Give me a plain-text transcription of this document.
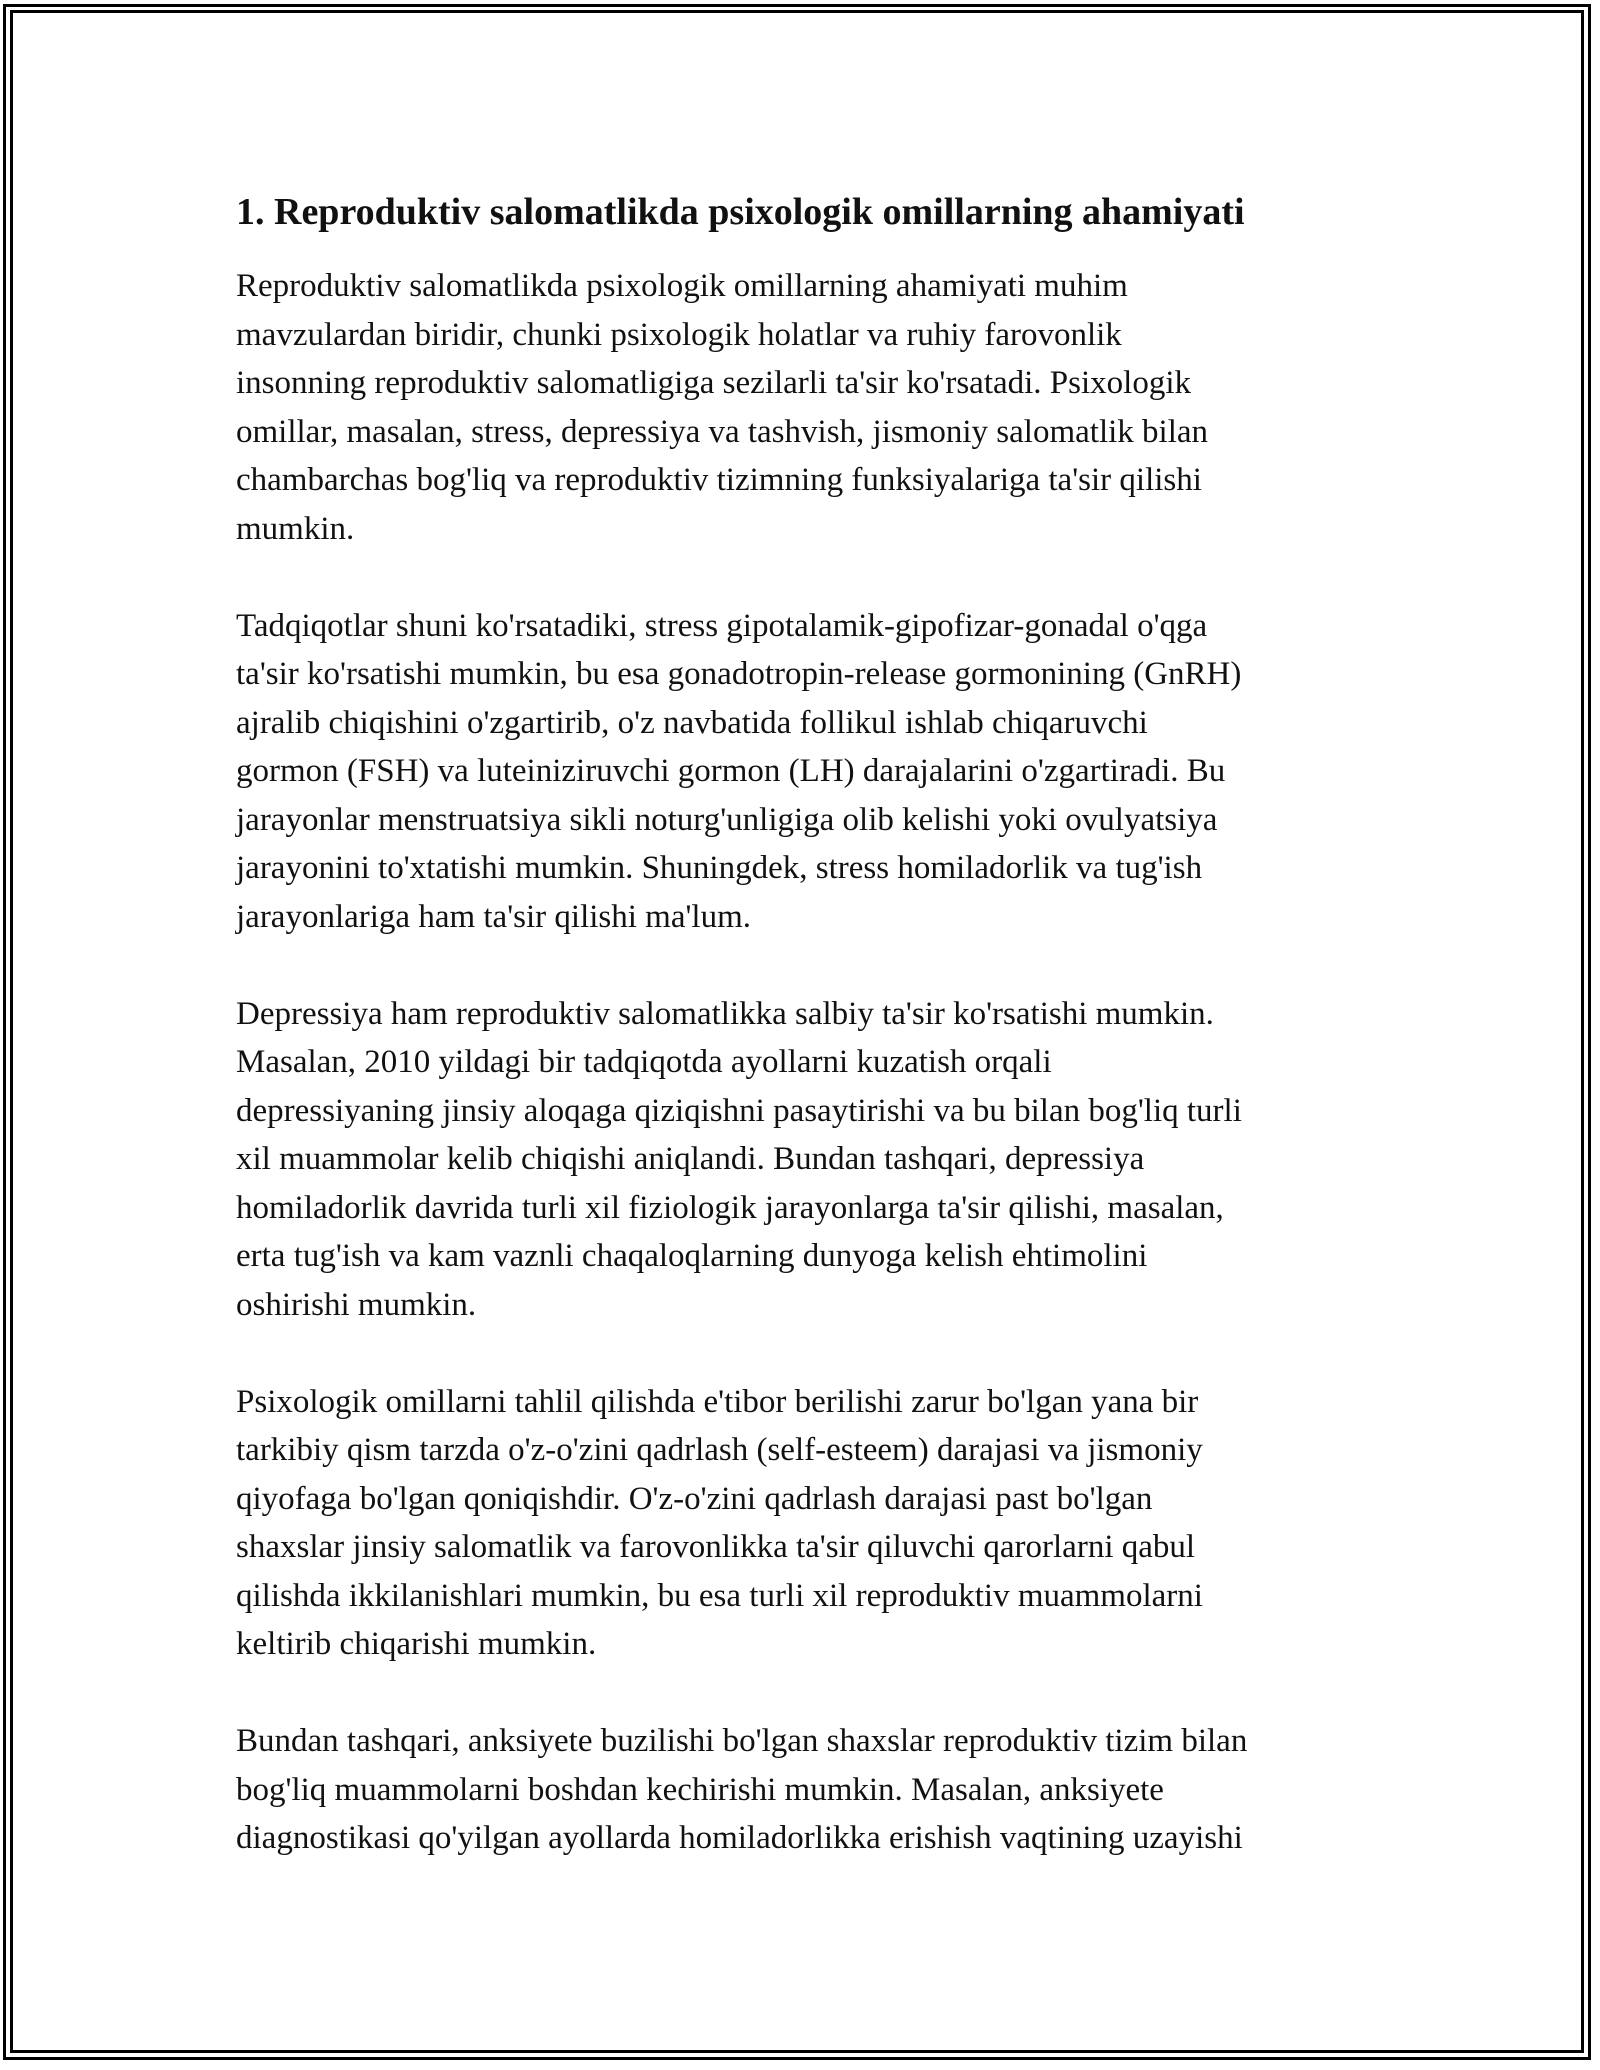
1. Reproduktiv salomatlikda psixologik omillarning ahamiyati

Reproduktiv salomatlikda psixologik omillarning ahamiyati muhim
mavzulardan biridir, chunki psixologik holatlar va ruhiy farovonlik
insonning reproduktiv salomatligiga sezilarli ta'sir ko'rsatadi. Psixologik
omillar, masalan, stress, depressiya va tashvish, jismoniy salomatlik bilan
chambarchas bog'liq va reproduktiv tizimning funksiyalariga ta'sir qilishi
mumkin.

Tadqiqotlar shuni ko'rsatadiki, stress gipotalamik-gipofizar-gonadal o'qga
ta'sir ko'rsatishi mumkin, bu esa gonadotropin-release gormonining (GnRH)
ajralib chiqishini o'zgartirib, o'z navbatida follikul ishlab chiqaruvchi
gormon (FSH) va luteiniziruvchi gormon (LH) darajalarini o'zgartiradi. Bu
jarayonlar menstruatsiya sikli noturg'unligiga olib kelishi yoki ovulyatsiya
jarayonini to'xtatishi mumkin. Shuningdek, stress homiladorlik va tug'ish
jarayonlariga ham ta'sir qilishi ma'lum.

Depressiya ham reproduktiv salomatlikka salbiy ta'sir ko'rsatishi mumkin.
Masalan, 2010 yildagi bir tadqiqotda ayollarni kuzatish orqali
depressiyaning jinsiy aloqaga qiziqishni pasaytirishi va bu bilan bog'liq turli
xil muammolar kelib chiqishi aniqlandi. Bundan tashqari, depressiya
homiladorlik davrida turli xil fiziologik jarayonlarga ta'sir qilishi, masalan,
erta tug'ish va kam vaznli chaqaloqlarning dunyoga kelish ehtimolini
oshirishi mumkin.

Psixologik omillarni tahlil qilishda e'tibor berilishi zarur bo'lgan yana bir
tarkibiy qism tarzda o'z-o'zini qadrlash (self-esteem) darajasi va jismoniy
qiyofaga bo'lgan qoniqishdir. O'z-o'zini qadrlash darajasi past bo'lgan
shaxslar jinsiy salomatlik va farovonlikka ta'sir qiluvchi qarorlarni qabul
qilishda ikkilanishlari mumkin, bu esa turli xil reproduktiv muammolarni
keltirib chiqarishi mumkin.

Bundan tashqari, anksiyete buzilishi bo'lgan shaxslar reproduktiv tizim bilan
bog'liq muammolarni boshdan kechirishi mumkin. Masalan, anksiyete
diagnostikasi qo'yilgan ayollarda homiladorlikka erishish vaqtining uzayishi
